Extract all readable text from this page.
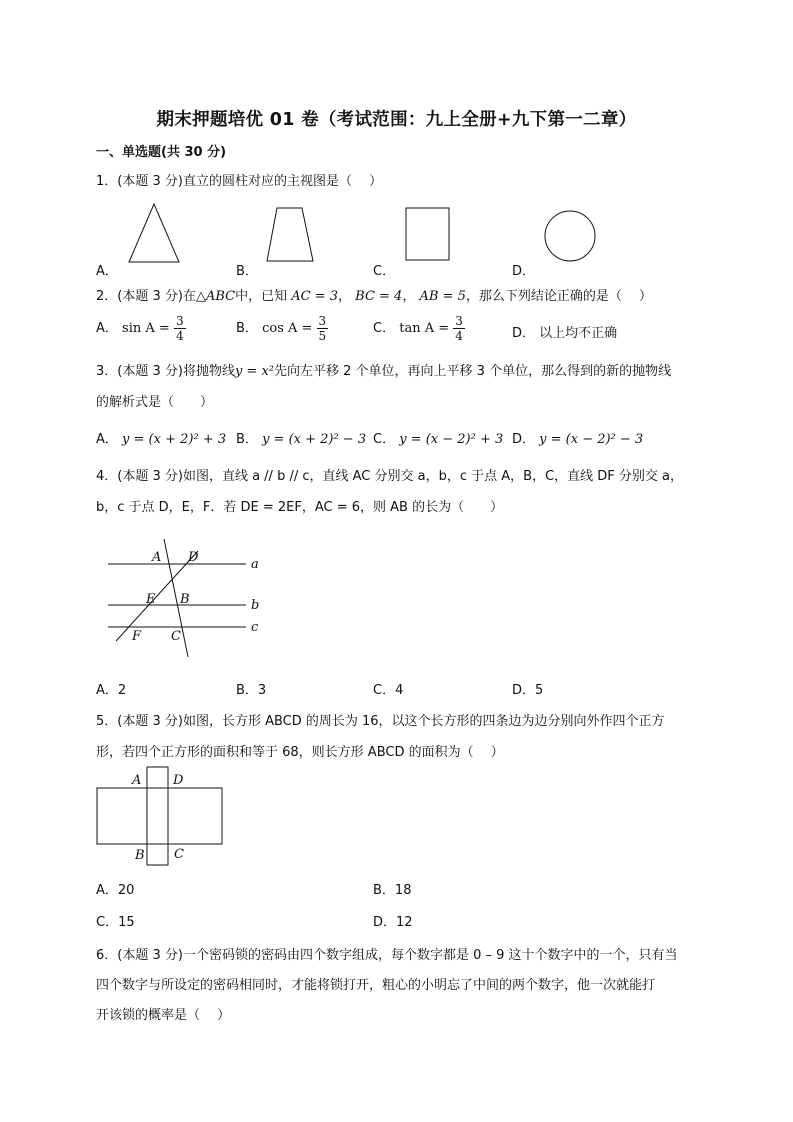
期末押题培优 01 卷（考试范围：九上全册+九下第一二章）
一、单选题(共 30 分)
1．(本题 3 分)直立的圆柱对应的主视图是（　 ）
A．	B．	C．	D．
2．(本题 3 分)在△ABC中，已知 AC = 3， BC = 4， AB = 5，那么下列结论正确的是（　 ）
A． $\sin A = \frac{3}{4}$	B． $\cos A = \frac{3}{5}$	C． $\tan A = \frac{3}{4}$	D． 以上均不正确
3．(本题 3 分)将抛物线y = x²先向左平移 2 个单位，再向上平移 3 个单位，那么得到的新的抛物线
的解析式是（　　）
A． y = (x + 2)² + 3 B． y = (x + 2)² − 3 C． y = (x − 2)² + 3 D． y = (x − 2)² − 3
4．(本题 3 分)如图，直线 a // b // c，直线 AC 分别交 a，b，c 于点 A，B，C，直线 DF 分别交 a，
b，c 于点 D，E，F．若 DE = 2EF，AC = 6，则 AB 的长为（　　）
A D
E B
F C
a
b
c
A．2	B．3	C．4	D．5
5．(本题 3 分)如图，长方形 ABCD 的周长为 16，以这个长方形的四条边为边分别向外作四个正方
形，若四个正方形的面积和等于 68，则长方形 ABCD 的面积为（　 ）
A D
B C
A．20	B．18
C．15	D．12
6．(本题 3 分)一个密码锁的密码由四个数字组成，每个数字都是 0 – 9 这十个数字中的一个，只有当
四个数字与所设定的密码相同时，才能将锁打开，粗心的小明忘了中间的两个数字，他一次就能打
开该锁的概率是（　 ）
